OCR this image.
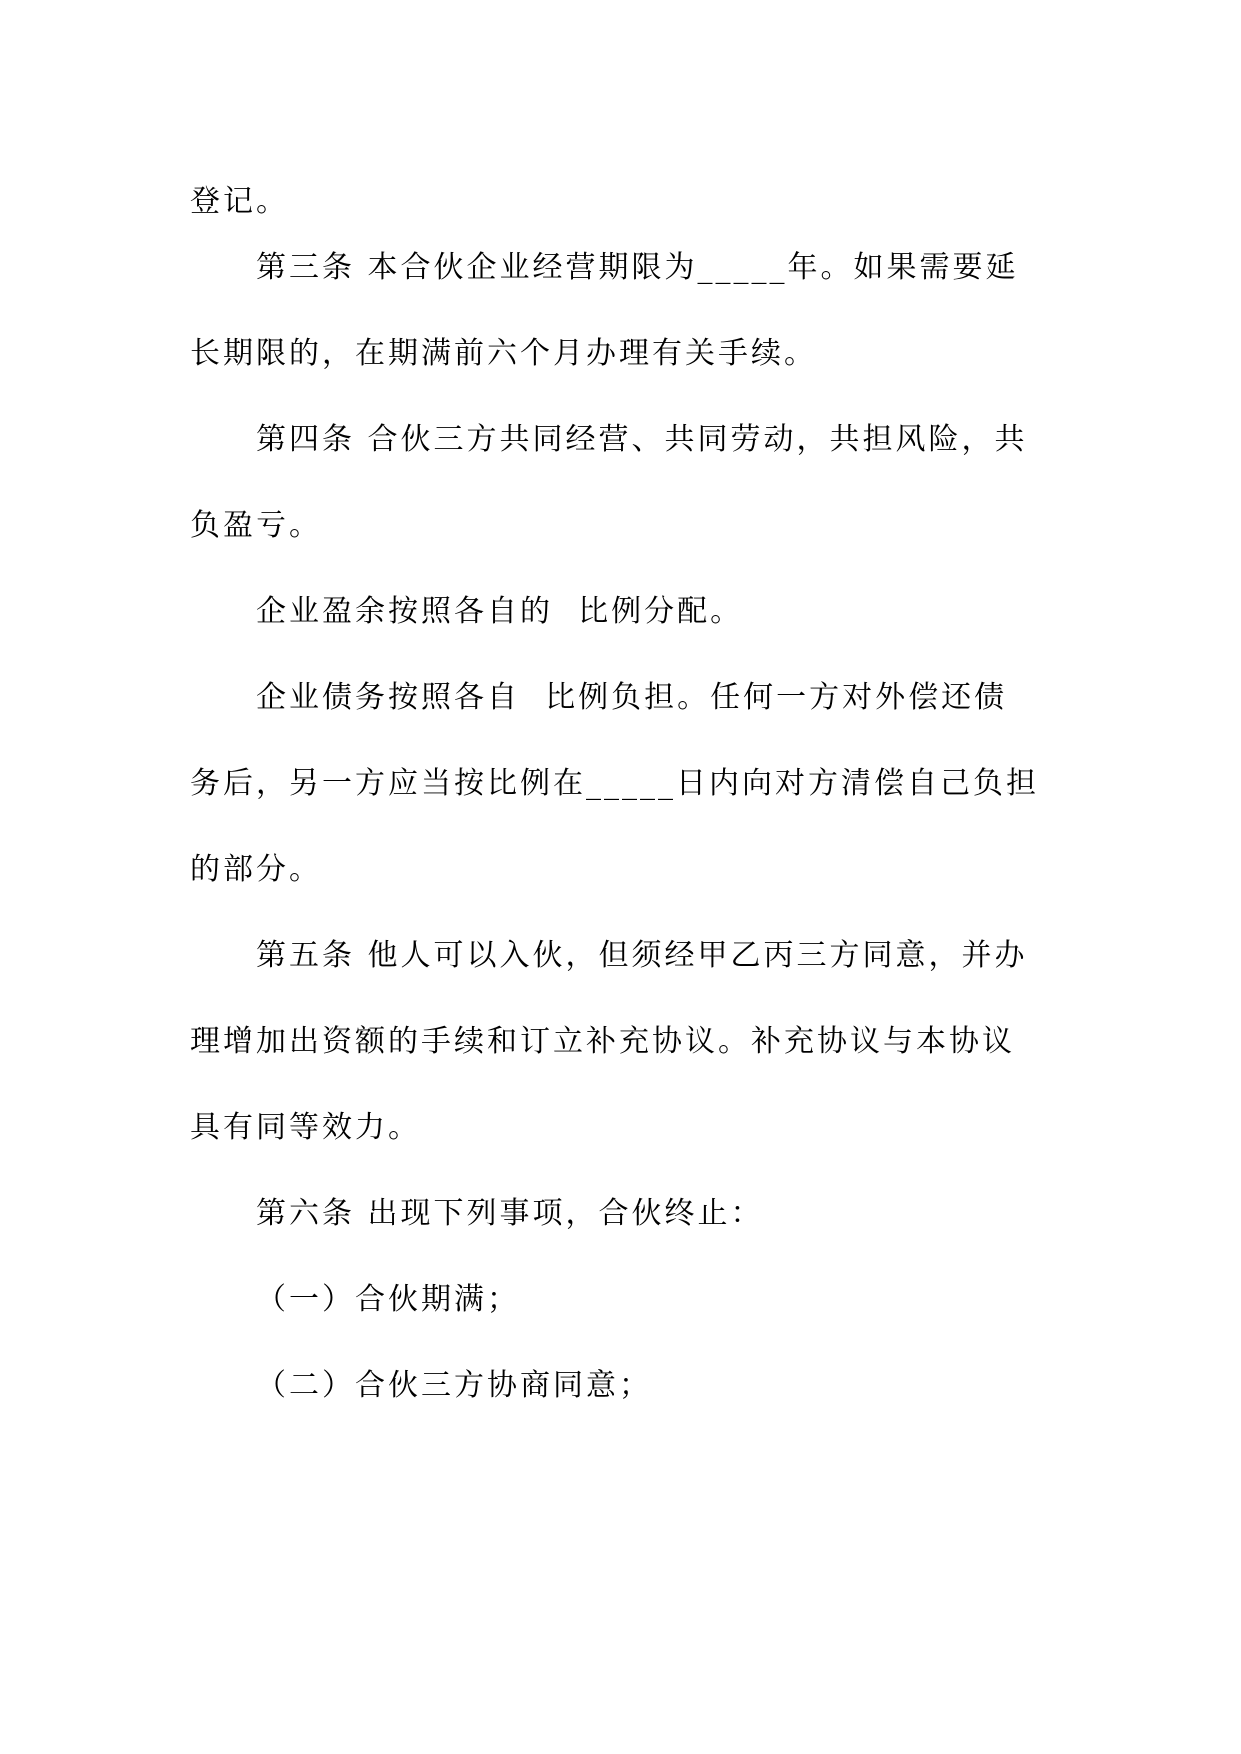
登记。
第三条 本合伙企业经营期限为_____年。如果需要延
长期限的，在期满前六个月办理有关手续。
第四条 合伙三方共同经营、共同劳动，共担风险，共
负盈亏。
企业盈余按照各自的  比例分配。
企业债务按照各自  比例负担。任何一方对外偿还债
务后，另一方应当按比例在_____日内向对方清偿自己负担
的部分。
第五条 他人可以入伙，但须经甲乙丙三方同意，并办
理增加出资额的手续和订立补充协议。补充协议与本协议
具有同等效力。
第六条 出现下列事项，合伙终止：
（一）合伙期满；
（二）合伙三方协商同意；
